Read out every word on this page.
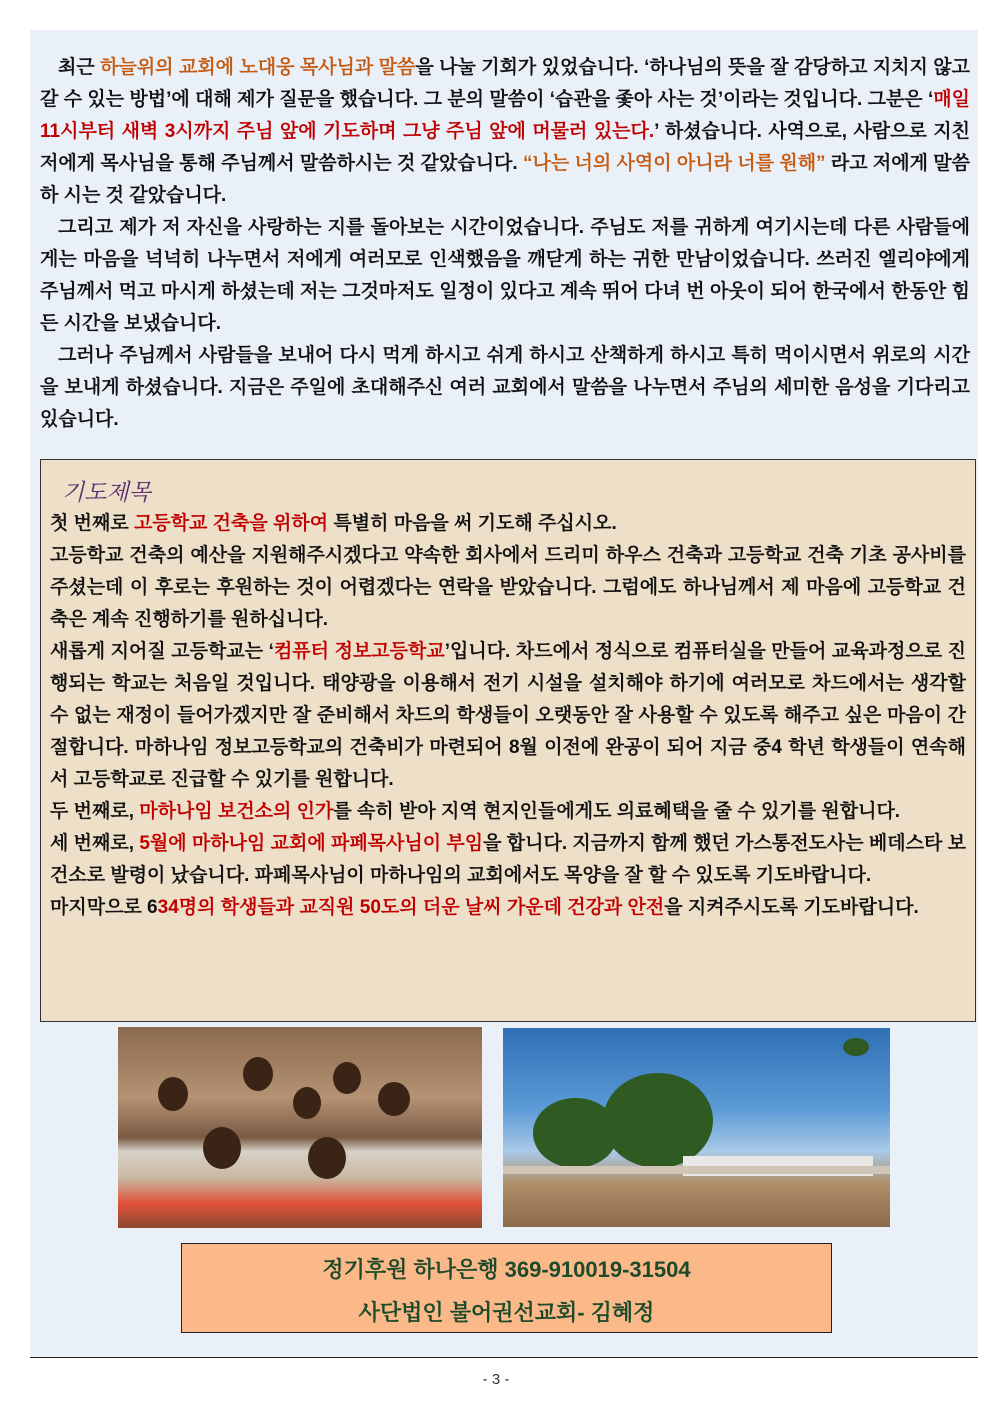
최근 하늘위의 교회에 노대웅 목사님과 말씀을 나눌 기회가 있었습니다. ‘하나님의 뜻을 잘 감당하고 지치지 않고 갈 수 있는 방법’에 대해 제가 질문을 했습니다. 그 분의 말씀이 ‘습관을 좇아 사는 것’이라는 것입니다. 그분은 ‘매일 11시부터 새벽 3시까지 주님 앞에 기도하며 그냥 주님 앞에 머물러 있는다.’ 하셨습니다. 사역으로, 사람으로 지친 저에게 목사님을 통해 주님께서 말씀하시는 것 같았습니다. “나는 너의 사역이 아니라 너를 원해” 라고 저에게 말씀하 시는 것 같았습니다.

그리고 제가 저 자신을 사랑하는 지를 돌아보는 시간이었습니다. 주님도 저를 귀하게 여기시는데 다른 사람들에게는 마음을 넉넉히 나누면서 저에게 여러모로 인색했음을 깨닫게 하는 귀한 만남이었습니다. 쓰러진 엘리야에게 주님께서 먹고 마시게 하셨는데 저는 그것마저도 일정이 있다고 계속 뛰어 다녀 번 아웃이 되어 한국에서 한동안 힘든 시간을 보냈습니다.

그러나 주님께서 사람들을 보내어 다시 먹게 하시고 쉬게 하시고 산책하게 하시고 특히 먹이시면서 위로의 시간을 보내게 하셨습니다. 지금은 주일에 초대해주신 여러 교회에서 말씀을 나누면서 주님의 세미한 음성을 기다리고 있습니다.

기도제목

첫 번째로 고등학교 건축을 위하여 특별히 마음을 써 기도해 주십시오.

고등학교 건축의 예산을 지원해주시겠다고 약속한 회사에서 드리미 하우스 건축과 고등학교 건축 기초 공사비를 주셨는데 이 후로는 후원하는 것이 어렵겠다는 연락을 받았습니다. 그럼에도 하나님께서 제 마음에 고등학교 건축은 계속 진행하기를 원하십니다.

새롭게 지어질 고등학교는 ‘컴퓨터 정보고등학교’입니다. 차드에서 정식으로 컴퓨터실을 만들어 교육과정으로 진행되는 학교는 처음일 것입니다. 태양광을 이용해서 전기 시설을 설치해야 하기에 여러모로 차드에서는 생각할 수 없는 재정이 들어가겠지만 잘 준비해서 차드의 학생들이 오랫동안 잘 사용할 수 있도록 해주고 싶은 마음이 간절합니다. 마하나임 정보고등학교의 건축비가 마련되어 8월 이전에 완공이 되어 지금 중4 학년 학생들이 연속해서 고등학교로 진급할 수 있기를 원합니다.

두 번째로, 마하나임 보건소의 인가를 속히 받아 지역 현지인들에게도 의료혜택을 줄 수 있기를 원합니다.

세 번째로, 5월에 마하나임 교회에 파페목사님이 부임을 합니다. 지금까지 함께 했던 가스통전도사는 베데스타 보건소로 발령이 났습니다. 파페목사님이 마하나임의 교회에서도 목양을 잘 할 수 있도록 기도바랍니다.

마지막으로 634명의 학생들과 교직원 50도의 더운 날씨 가운데 건강과 안전을 지켜주시도록 기도바랍니다.

정기후원 하나은행 369-910019-31504
사단법인 불어권선교회- 김혜정
- 3 -
